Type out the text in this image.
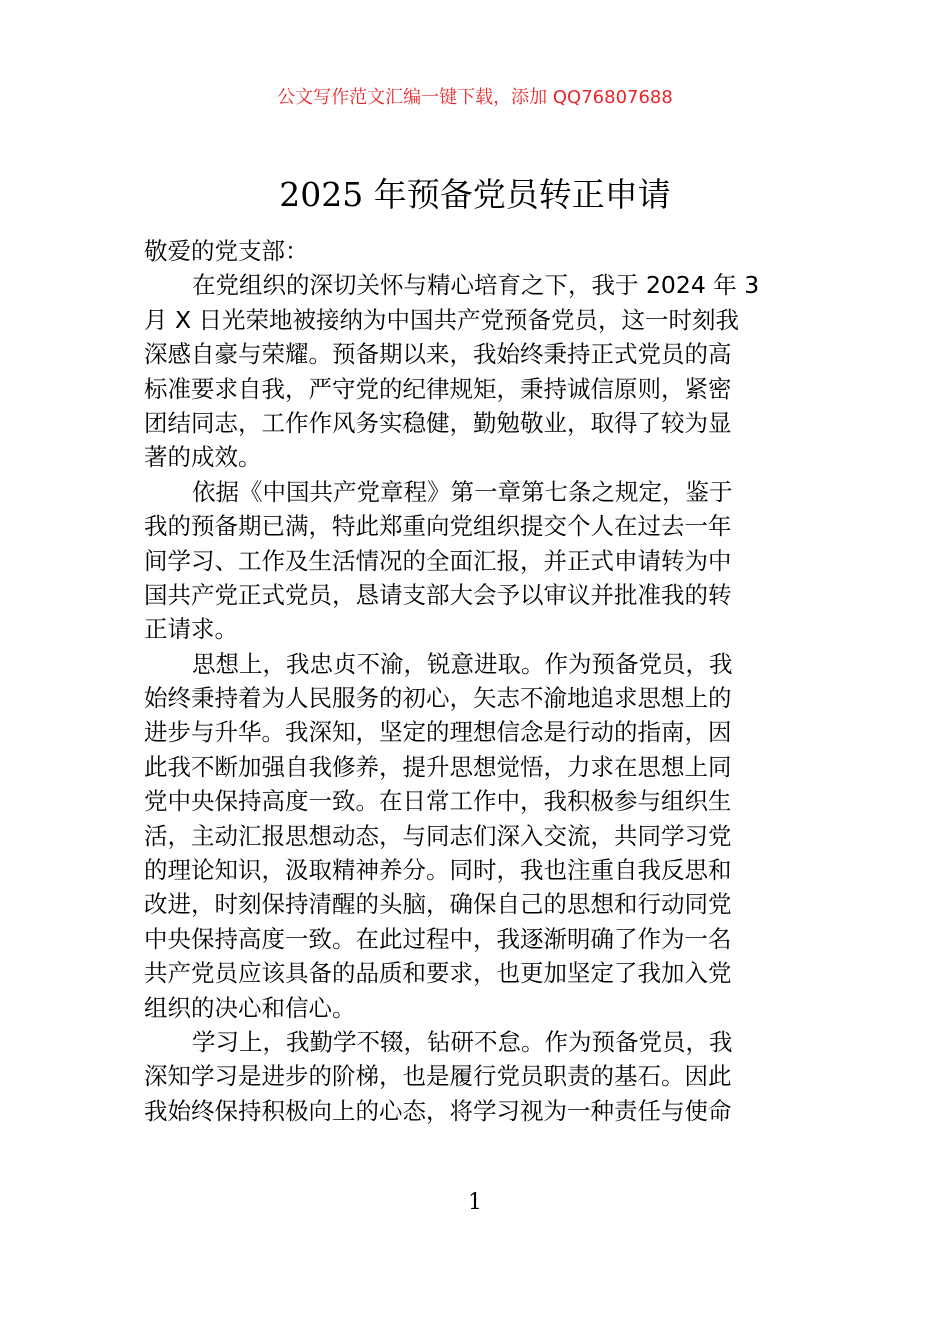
公文写作范文汇编一键下载，添加 QQ76807688
2025 年预备党员转正申请
敬爱的党支部：
在党组织的深切关怀与精心培育之下，我于 2024 年 3
月 X 日光荣地被接纳为中国共产党预备党员，这一时刻我
深感自豪与荣耀。预备期以来，我始终秉持正式党员的高
标准要求自我，严守党的纪律规矩，秉持诚信原则，紧密
团结同志，工作作风务实稳健，勤勉敬业，取得了较为显
著的成效。
依据《中国共产党章程》第一章第七条之规定，鉴于
我的预备期已满，特此郑重向党组织提交个人在过去一年
间学习、工作及生活情况的全面汇报，并正式申请转为中
国共产党正式党员，恳请支部大会予以审议并批准我的转
正请求。
思想上，我忠贞不渝，锐意进取。作为预备党员，我
始终秉持着为人民服务的初心，矢志不渝地追求思想上的
进步与升华。我深知，坚定的理想信念是行动的指南，因
此我不断加强自我修养，提升思想觉悟，力求在思想上同
党中央保持高度一致。在日常工作中，我积极参与组织生
活，主动汇报思想动态，与同志们深入交流，共同学习党
的理论知识，汲取精神养分。同时，我也注重自我反思和
改进，时刻保持清醒的头脑，确保自己的思想和行动同党
中央保持高度一致。在此过程中，我逐渐明确了作为一名
共产党员应该具备的品质和要求，也更加坚定了我加入党
组织的决心和信心。
学习上，我勤学不辍，钻研不怠。作为预备党员，我
深知学习是进步的阶梯，也是履行党员职责的基石。因此
我始终保持积极向上的心态，将学习视为一种责任与使命
1
